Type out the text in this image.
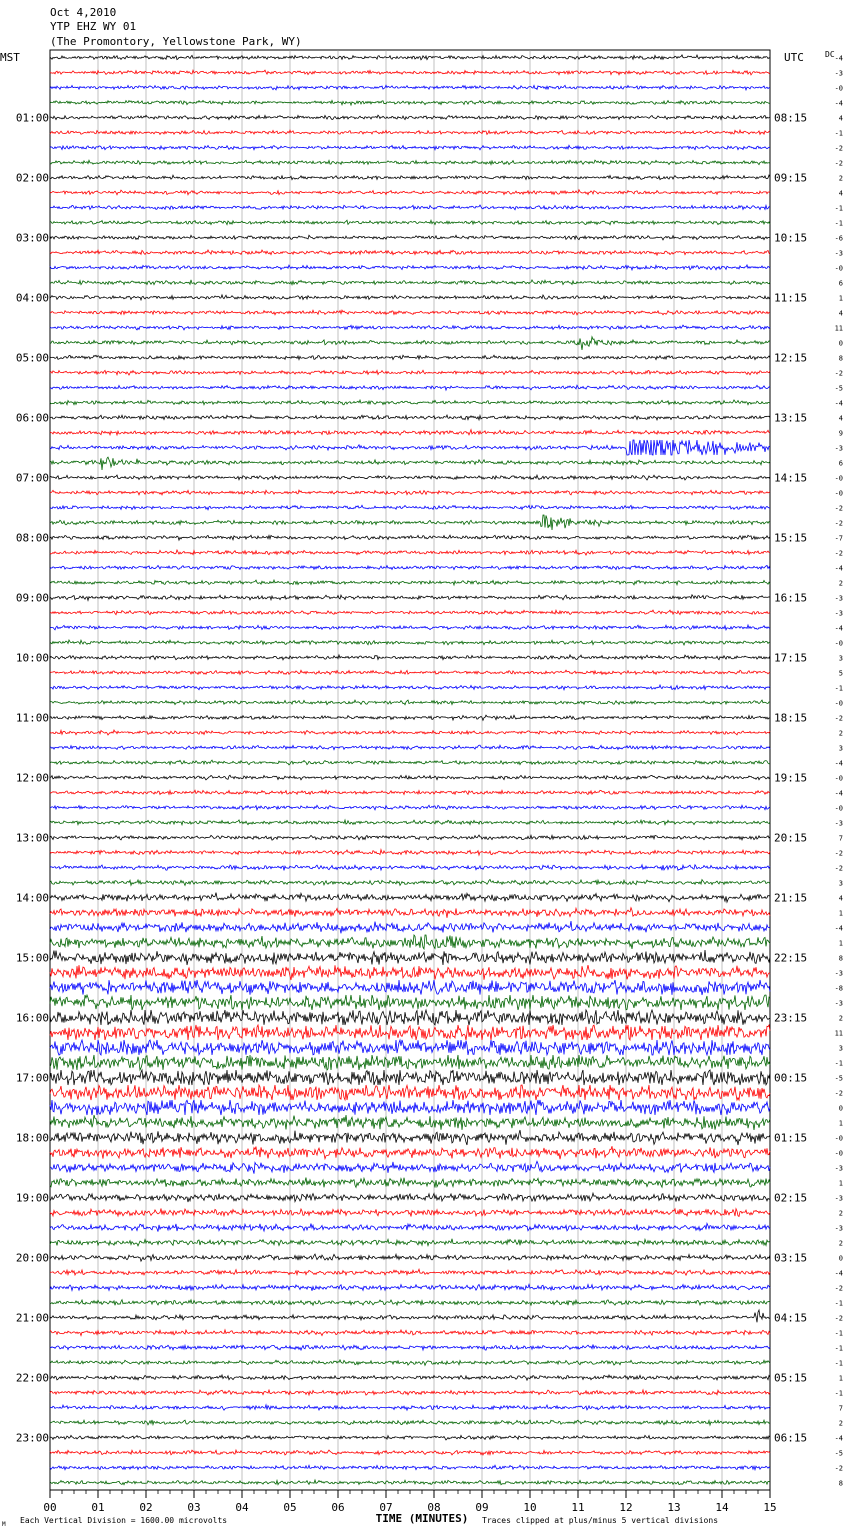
Oct 4,2010
YTP EHZ WY 01
(The Promontory, Yellowstone Park, WY)
MST	UTC	DC
01:00
02:00
03:00
04:00
05:00
06:00
07:00
08:00
09:00
10:00
11:00
12:00
13:00
14:00
15:00
16:00
17:00
18:00
19:00
20:00
21:00
22:00
23:00
08:15
09:15
10:15
11:15
12:15
13:15
14:15
15:15
16:15
17:15
18:15
19:15
20:15
21:15
22:15
23:15
00:15
01:15
02:15
03:15
04:15
05:15
06:15
-4
-3
-0
-4
4
-1
-2
-2
2
4
-1
-1
-6
-3
-0
6
1
4
11
0
8
-2
-5
-4
4
9
-3
6
-0
-0
-2
-2
-7
-2
-4
2
-3
-3
-4
-0
3
5
-1
-0
-2
2
3
-4
-0
-4
-0
-3
7
-2
-2
3
4
1
-4
1
8
-3
-8
-3
2
11
3
-1
-5
-2
0
1
-0
-0
-3
1
-3
2
-3
2
0
-4
-2
-1
-2
-1
-1
-1
1
-1
7
2
-4
-5
-2
8
00	01	02	03	04	05	06	07	08	09	10	11	12	13	14	15
TIME (MINUTES)
M Each Vertical Division = 1600.00 microvolts	Traces clipped at plus/minus 5 vertical divisions
